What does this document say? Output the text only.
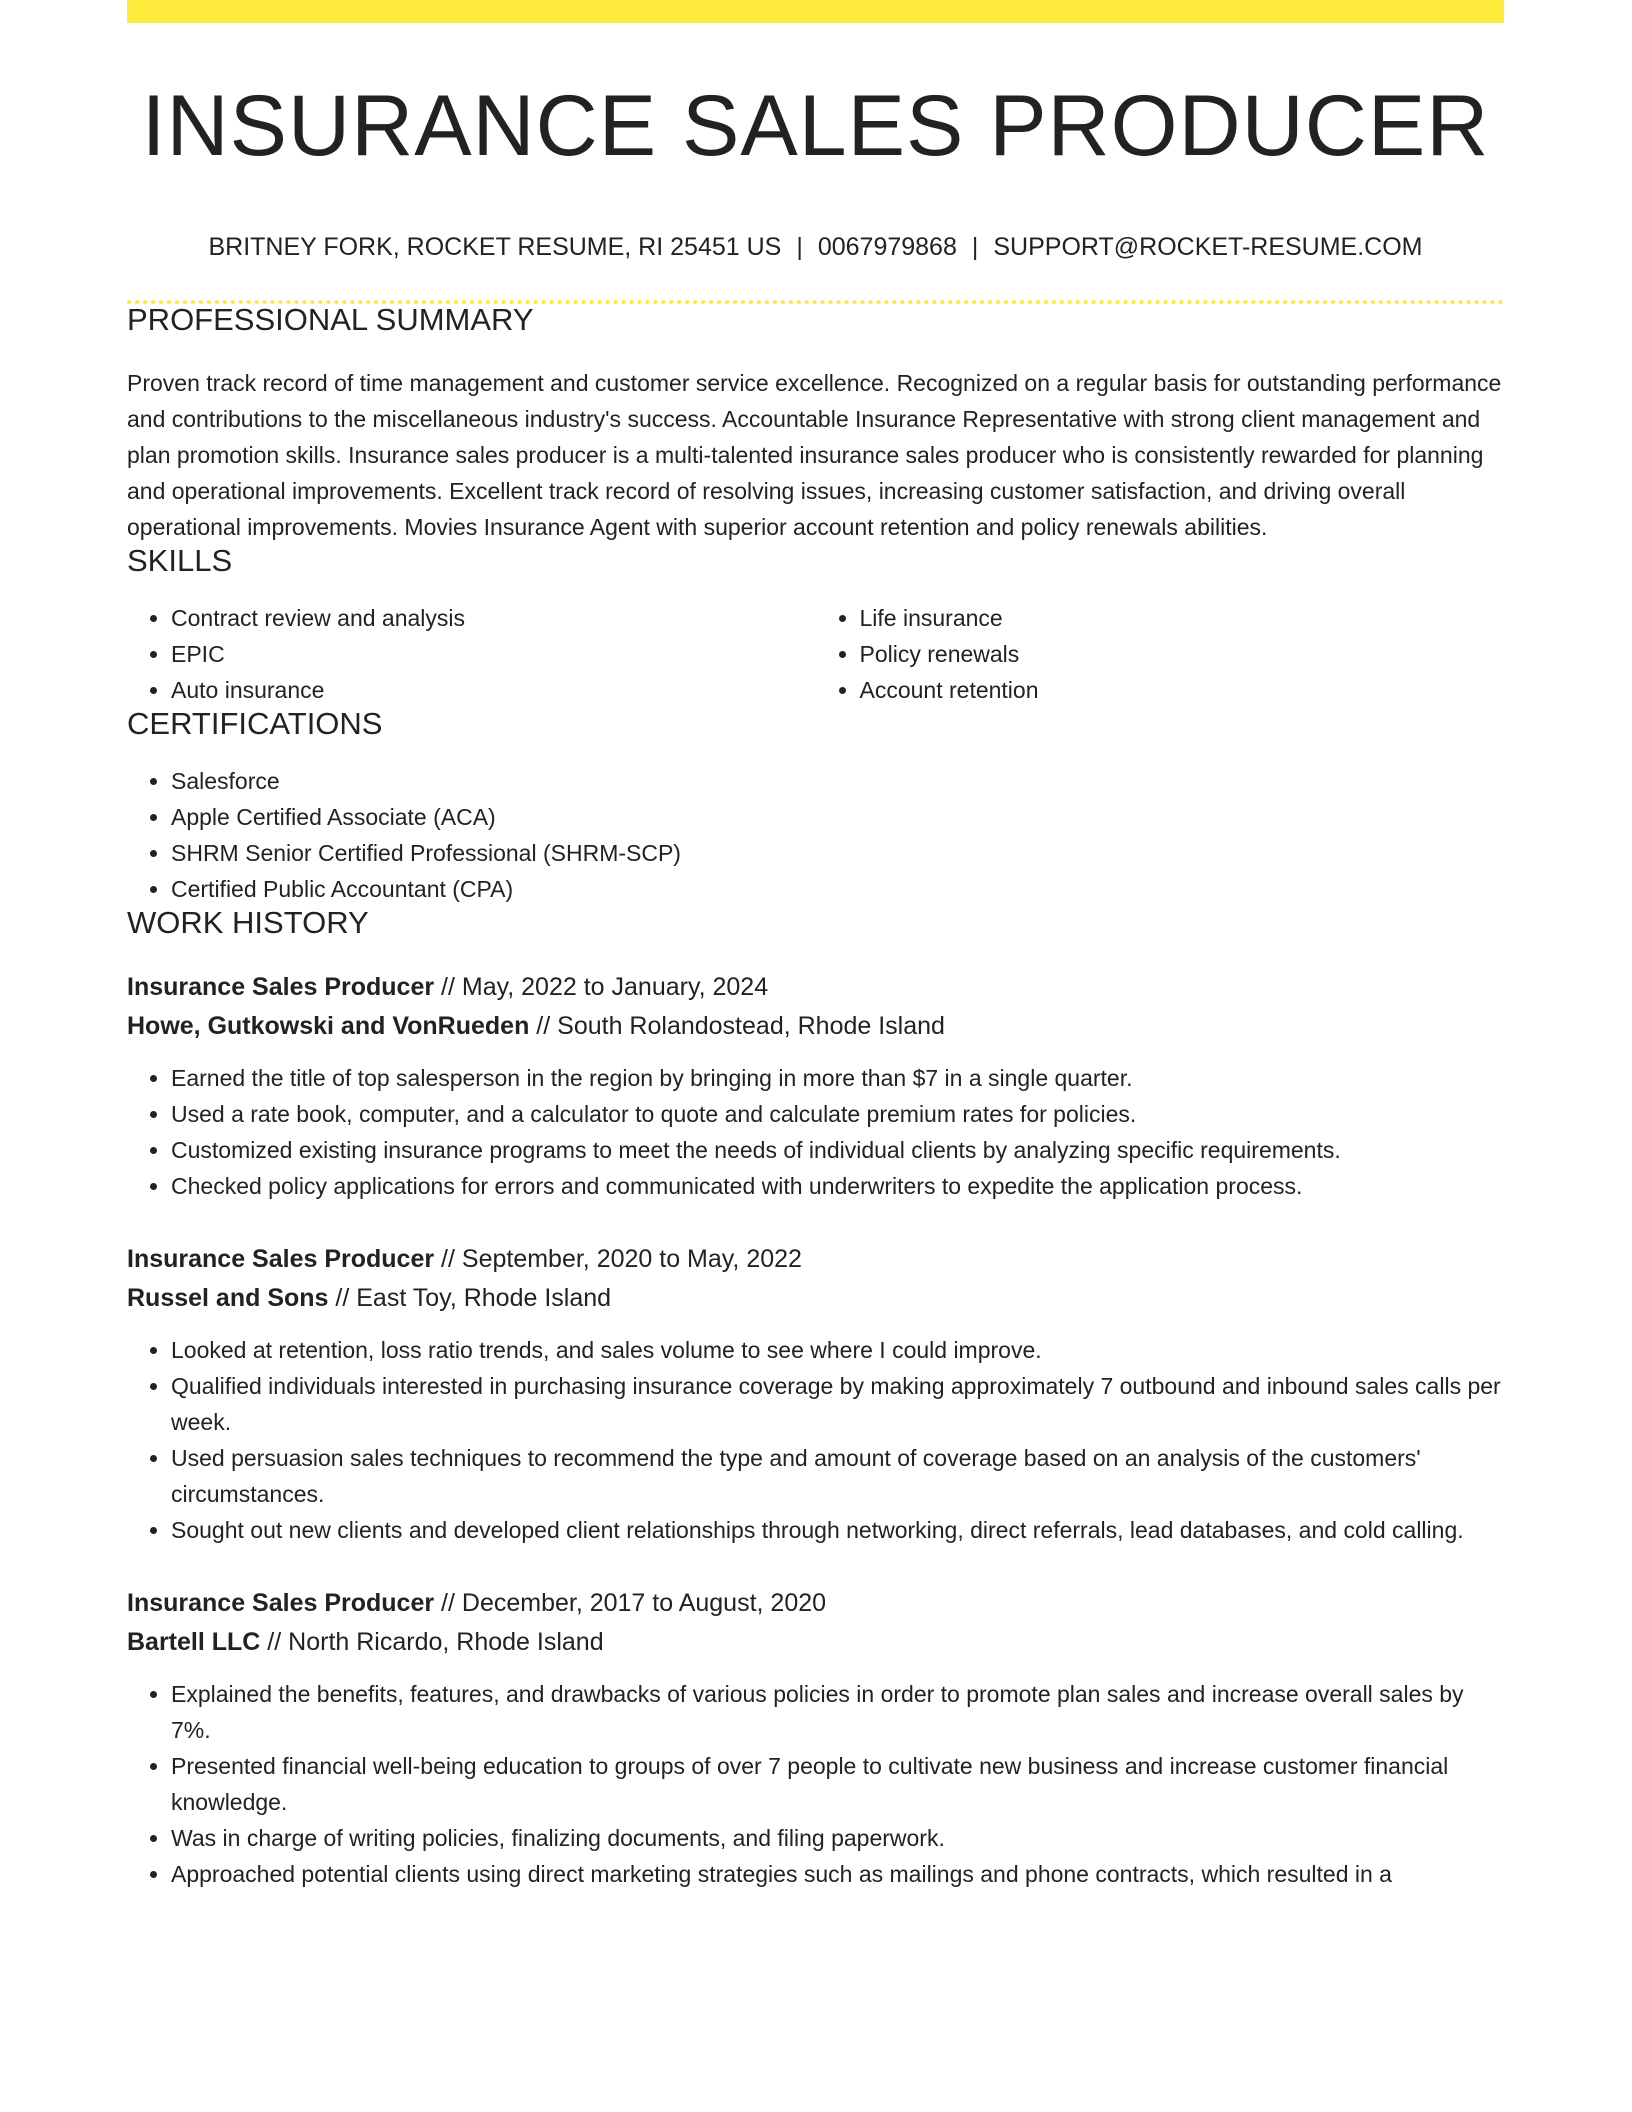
INSURANCE SALES PRODUCER
BRITNEY FORK, ROCKET RESUME, RI 25451 US | 0067979868 | SUPPORT@ROCKET-RESUME.COM
PROFESSIONAL SUMMARY

Proven track record of time management and customer service excellence. Recognized on a regular basis for outstanding performance and contributions to the miscellaneous industry's success. Accountable Insurance Representative with strong client management and plan promotion skills. Insurance sales producer is a multi-talented insurance sales producer who is consistently rewarded for planning and operational improvements. Excellent track record of resolving issues, increasing customer satisfaction, and driving overall operational improvements. Movies Insurance Agent with superior account retention and policy renewals abilities.

SKILLS
• Contract review and analysis
• EPIC
• Auto insurance
• Life insurance
• Policy renewals
• Account retention
CERTIFICATIONS
• Salesforce
• Apple Certified Associate (ACA)
• SHRM Senior Certified Professional (SHRM-SCP)
• Certified Public Accountant (CPA)
WORK HISTORY
Insurance Sales Producer // May, 2022 to January, 2024
Howe, Gutkowski and VonRueden // South Rolandostead, Rhode Island
• Earned the title of top salesperson in the region by bringing in more than $7 in a single quarter.
• Used a rate book, computer, and a calculator to quote and calculate premium rates for policies.
• Customized existing insurance programs to meet the needs of individual clients by analyzing specific requirements.
• Checked policy applications for errors and communicated with underwriters to expedite the application process.
Insurance Sales Producer // September, 2020 to May, 2022
Russel and Sons // East Toy, Rhode Island
• Looked at retention, loss ratio trends, and sales volume to see where I could improve.
• Qualified individuals interested in purchasing insurance coverage by making approximately 7 outbound and inbound sales calls per week.
• Used persuasion sales techniques to recommend the type and amount of coverage based on an analysis of the customers' circumstances.
• Sought out new clients and developed client relationships through networking, direct referrals, lead databases, and cold calling.
Insurance Sales Producer // December, 2017 to August, 2020
Bartell LLC // North Ricardo, Rhode Island
• Explained the benefits, features, and drawbacks of various policies in order to promote plan sales and increase overall sales by 7%.
• Presented financial well-being education to groups of over 7 people to cultivate new business and increase customer financial knowledge.
• Was in charge of writing policies, finalizing documents, and filing paperwork.
• Approached potential clients using direct marketing strategies such as mailings and phone contracts, which resulted in a
